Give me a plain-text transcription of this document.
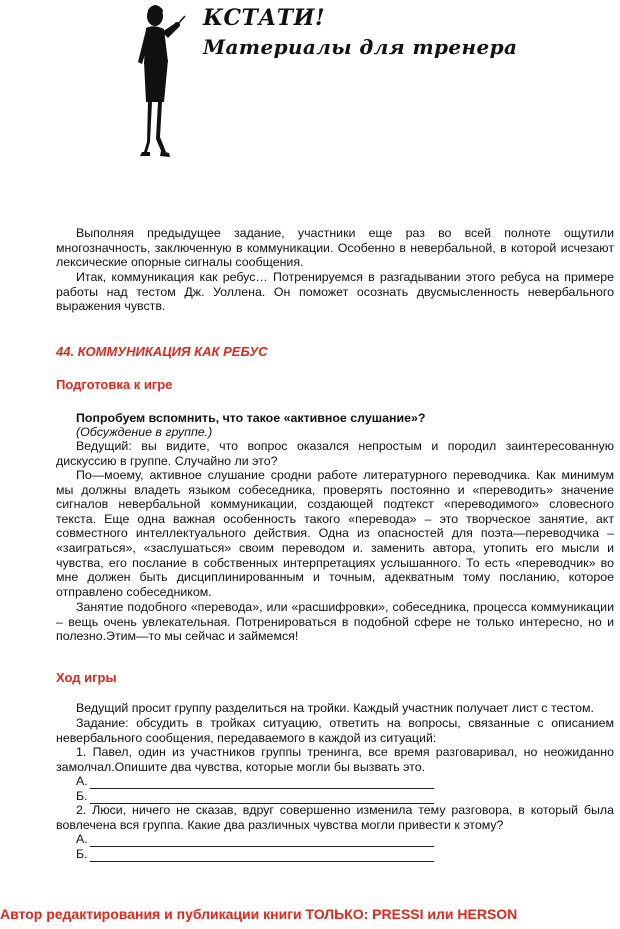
КСТАТИ!
Материалы для тренера

Выполняя предыдущее задание, участники еще раз во всей полноте ощутили многозначность, заключенную в коммуникации. Особенно в невербальной, в которой исчезают лексические опорные сигналы сообщения.

Итак, коммуникация как ребус… Потренируемся в разгадывании этого ребуса на примере работы над тестом Дж. Уоллена. Он поможет осознать двусмысленность невербального выражения чувств.

44. КОММУНИКАЦИЯ КАК РЕБУС

Подготовка к игре

Попробуем вспомнить, что такое «активное слушание»?

(Обсуждение в группе.)

Ведущий: вы видите, что вопрос оказался непростым и породил заинтересованную дискуссию в группе. Случайно ли это?

По—моему, активное слушание сродни работе литературного переводчика. Как минимум мы должны владеть языком собеседника, проверять постоянно и «переводить» значение сигналов невербальной коммуникации, создающей подтекст «переводимого» словесного текста. Еще одна важная особенность такого «перевода» – это творческое занятие, акт совместного интеллектуального действия. Одна из опасностей для поэта—переводчика – «заиграться», «заслушаться» своим переводом и. заменить автора, утопить его мысли и чувства, его послание в собственных интерпретациях услышанного. То есть «переводчик» во мне должен быть дисциплинированным и точным, адекватным тому посланию, которое отправлено собеседником.

Занятие подобного «перевода», или «расшифровки», собеседника, процесса коммуникации – вещь очень увлекательная. Потренироваться в подобной сфере не только интересно, но и полезно.Этим—то мы сейчас и займемся!

Ход игры

Ведущий просит группу разделиться на тройки. Каждый участник получает лист с тестом.

Задание: обсудить в тройках ситуацию, ответить на вопросы, связанные с описанием невербального сообщения, передаваемого в каждой из ситуаций:

1. Павел, один из участников группы тренинга, все время разговаривал, но неожиданно замолчал.Опишите два чувства, которые могли бы вызвать это.

А.
Б.

2. Люси, ничего не сказав, вдруг совершенно изменила тему разговора, в который была вовлечена вся группа. Какие два различных чувства могли привести к этому?

А.
Б.
Автор редактирования и публикации книги ТОЛЬКО: PRESSI или HERSON
